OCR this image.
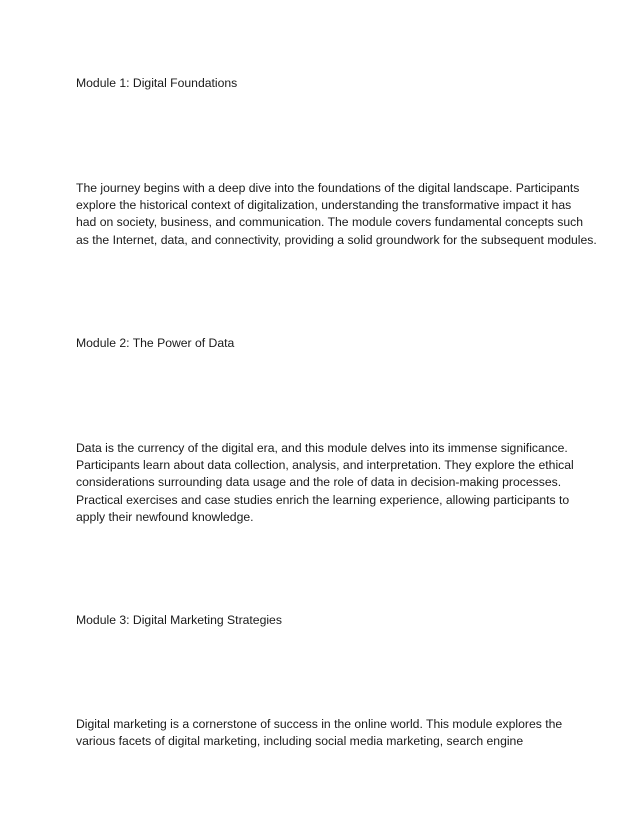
Module 1: Digital Foundations

The journey begins with a deep dive into the foundations of the digital landscape. Participants
explore the historical context of digitalization, understanding the transformative impact it has
had on society, business, and communication. The module covers fundamental concepts such
as the Internet, data, and connectivity, providing a solid groundwork for the subsequent modules.

Module 2: The Power of Data

Data is the currency of the digital era, and this module delves into its immense significance.
Participants learn about data collection, analysis, and interpretation. They explore the ethical
considerations surrounding data usage and the role of data in decision-making processes.
Practical exercises and case studies enrich the learning experience, allowing participants to
apply their newfound knowledge.

Module 3: Digital Marketing Strategies

Digital marketing is a cornerstone of success in the online world. This module explores the
various facets of digital marketing, including social media marketing, search engine
